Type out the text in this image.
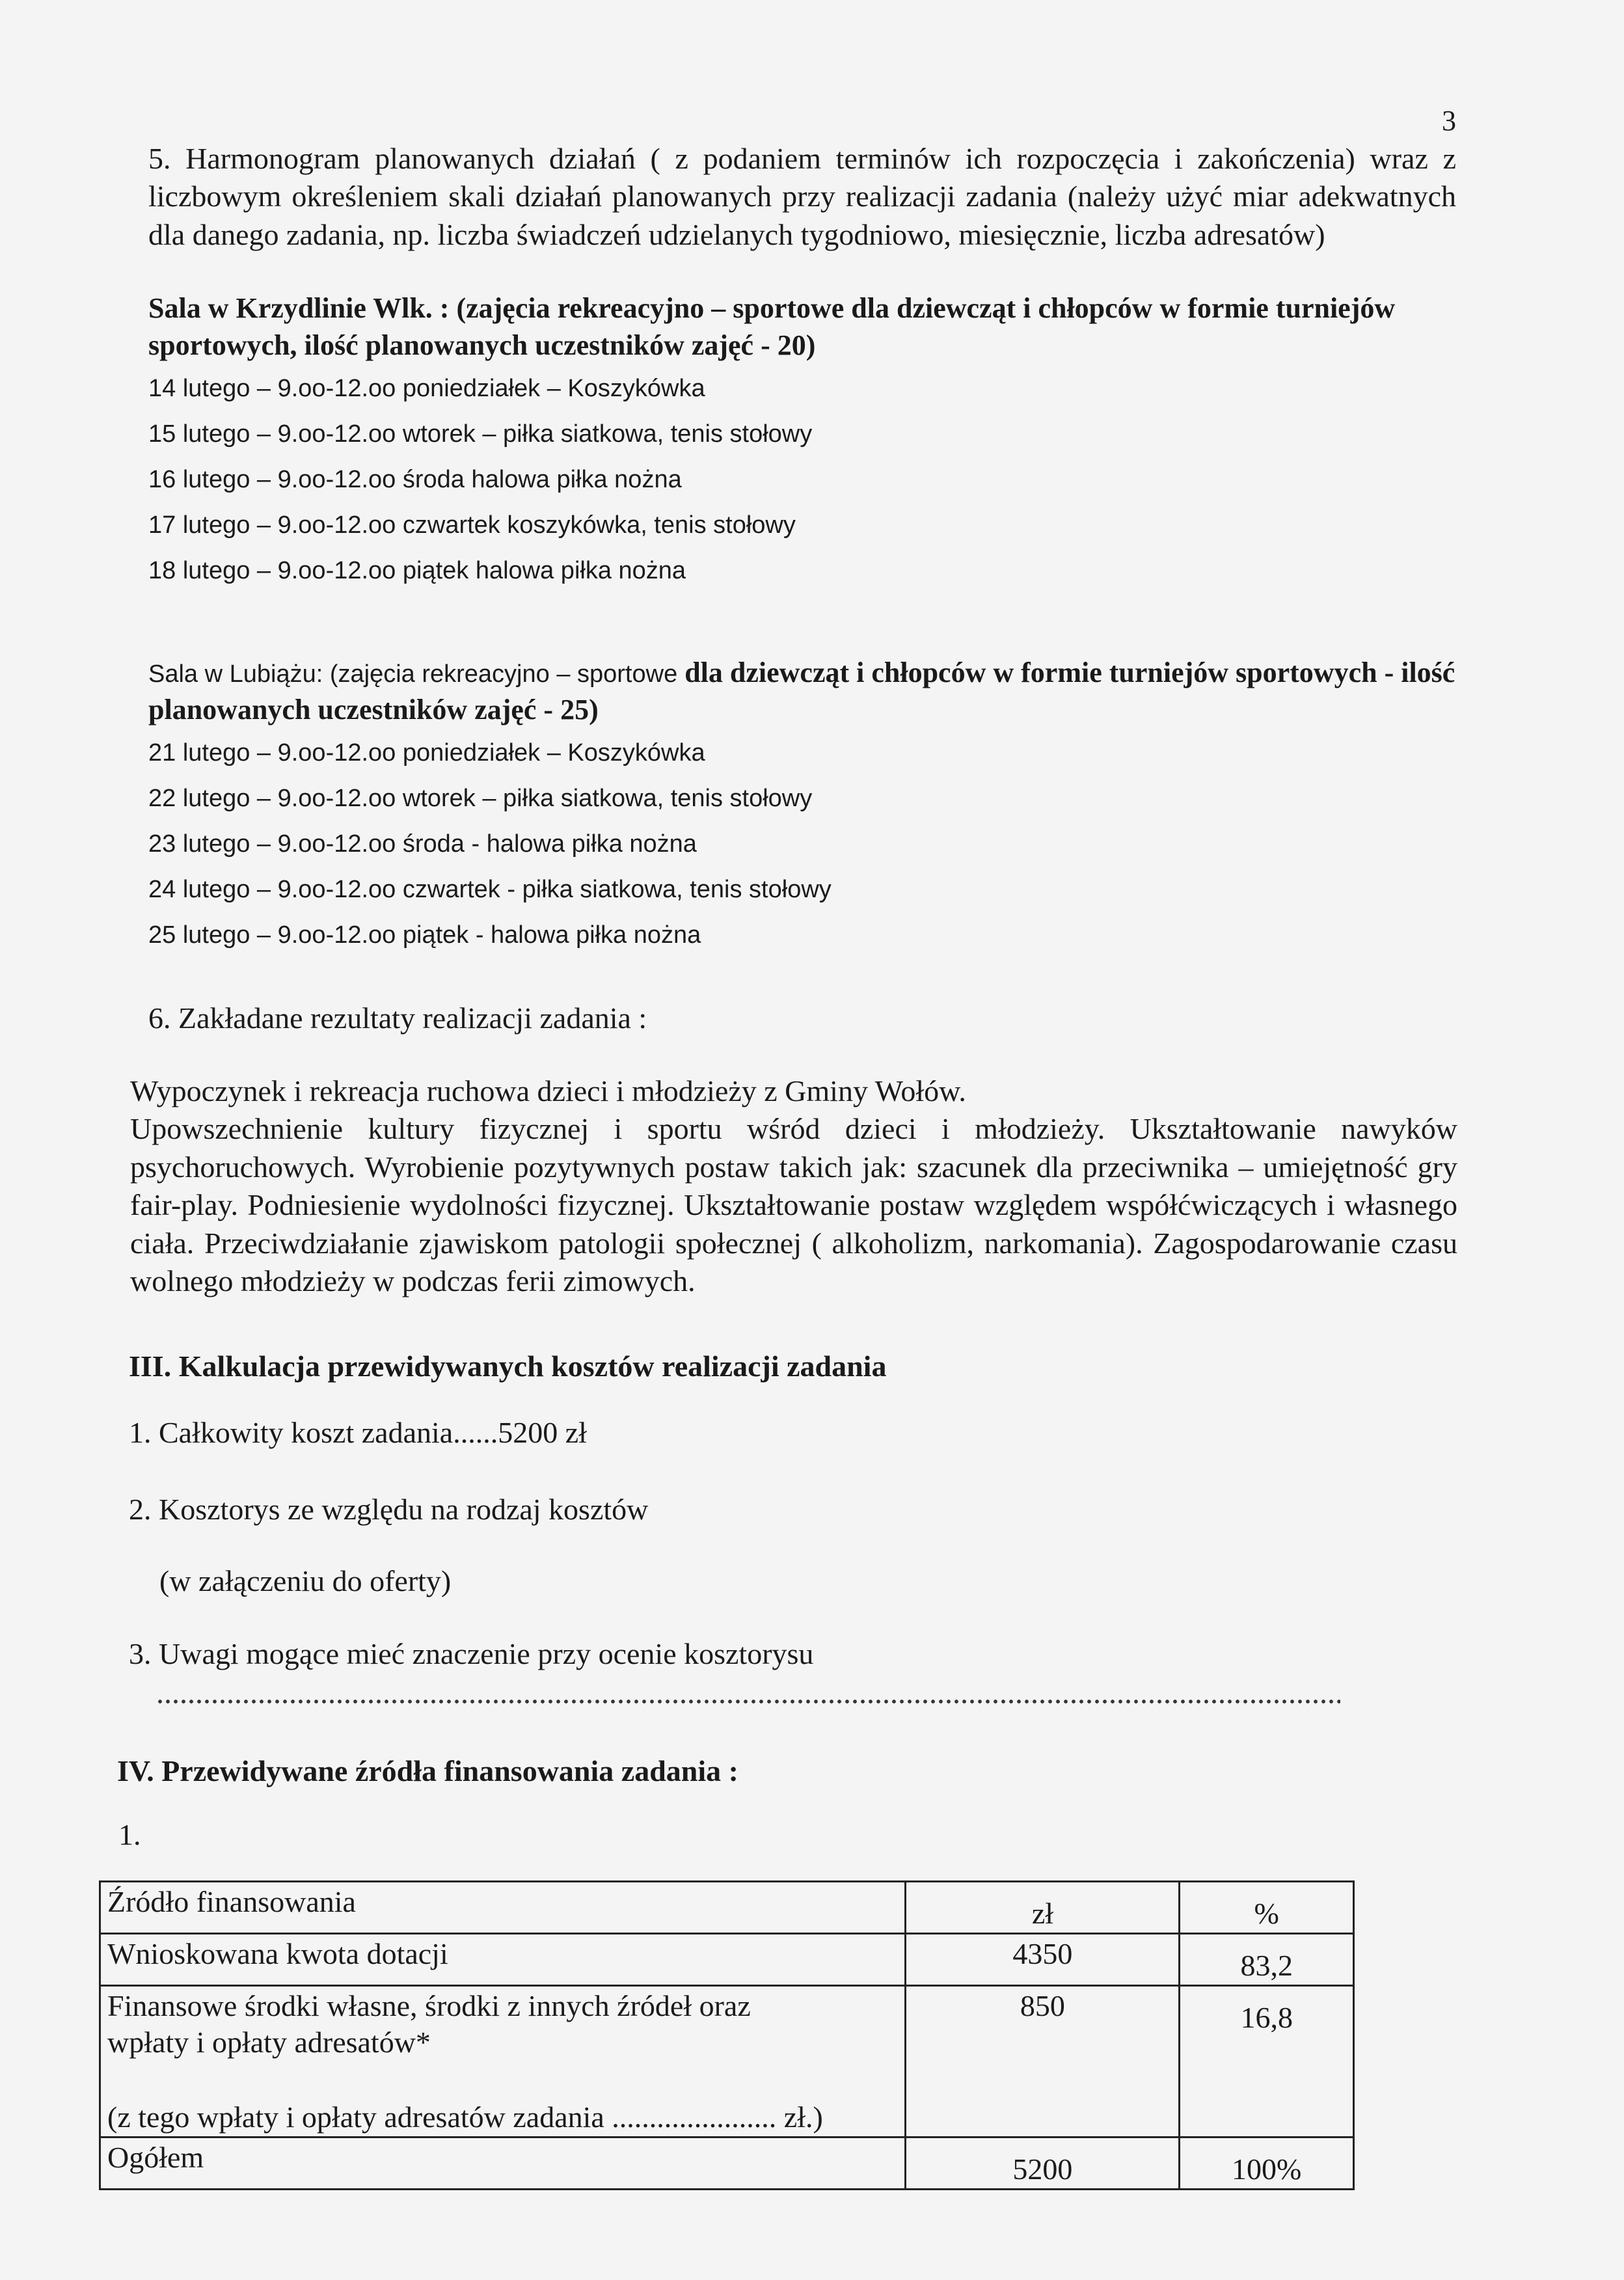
3

5. Harmonogram planowanych działań ( z podaniem terminów ich rozpoczęcia i zakończenia) wraz z liczbowym określeniem skali działań planowanych przy realizacji zadania (należy użyć miar adekwatnych dla danego zadania, np. liczba świadczeń udzielanych tygodniowo, miesięcznie, liczba adresatów)

Sala w Krzydlinie Wlk. : (zajęcia rekreacyjno – sportowe dla dziewcząt i chłopców w formie turniejów sportowych, ilość planowanych uczestników zajęć - 20)

14 lutego – 9.oo-12.oo poniedziałek – Koszykówka
15 lutego – 9.oo-12.oo wtorek – piłka siatkowa, tenis stołowy
16 lutego – 9.oo-12.oo środa halowa piłka nożna
17 lutego – 9.oo-12.oo czwartek koszykówka, tenis stołowy
18 lutego – 9.oo-12.oo piątek halowa piłka nożna

Sala w Lubiążu: (zajęcia rekreacyjno – sportowe dla dziewcząt i chłopców w formie turniejów sportowych - ilość planowanych uczestników zajęć - 25)

21 lutego – 9.oo-12.oo poniedziałek – Koszykówka
22 lutego – 9.oo-12.oo wtorek – piłka siatkowa, tenis stołowy
23 lutego – 9.oo-12.oo środa - halowa piłka nożna
24 lutego – 9.oo-12.oo czwartek - piłka siatkowa, tenis stołowy
25 lutego – 9.oo-12.oo piątek - halowa piłka nożna

6. Zakładane rezultaty realizacji zadania :

Wypoczynek i rekreacja ruchowa dzieci i młodzieży z Gminy Wołów.

Upowszechnienie kultury fizycznej i sportu wśród dzieci i młodzieży. Ukształtowanie nawyków psychoruchowych. Wyrobienie pozytywnych postaw takich jak: szacunek dla przeciwnika – umiejętność gry fair-play. Podniesienie wydolności fizycznej. Ukształtowanie postaw względem współćwiczących i własnego ciała. Przeciwdziałanie zjawiskom patologii społecznej ( alkoholizm, narkomania). Zagospodarowanie czasu wolnego młodzieży w podczas ferii zimowych.

III. Kalkulacja przewidywanych kosztów realizacji zadania

1. Całkowity koszt zadania......5200 zł

2. Kosztorys ze względu na rodzaj kosztów

(w załączeniu do oferty)

3. Uwagi mogące mieć znaczenie przy ocenie kosztorysu

IV. Przewidywane źródła finansowania zadania :

1.

Źródło finansowania	zł	%
Wnioskowana kwota dotacji	4350	83,2

Finansowe środki własne, środki z innych źródeł oraz wpłaty i opłaty adresatów*
(z tego wpłaty i opłaty adresatów zadania ...................... zł.)	850	16,8
Ogółem	5200	100%
